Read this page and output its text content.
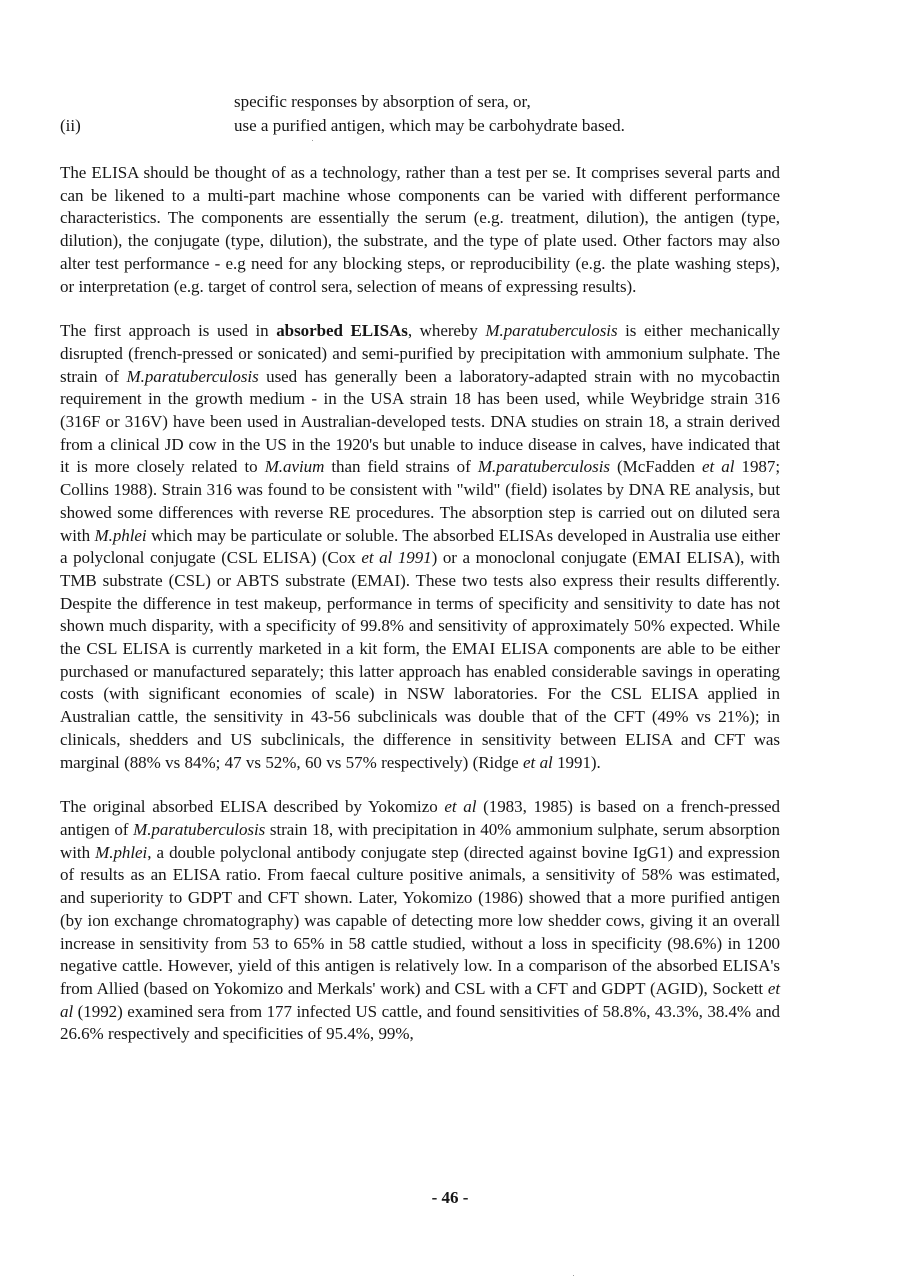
specific responses by absorption of sera, or,
(ii)	use a purified antigen, which may be carbohydrate based.

The ELISA should be thought of as a technology, rather than a test per se. It comprises several parts and can be likened to a multi-part machine whose components can be varied with different performance characteristics. The components are essentially the serum (e.g. treatment, dilution), the antigen (type, dilution), the conjugate (type, dilution), the substrate, and the type of plate used. Other factors may also alter test performance - e.g need for any blocking steps, or reproducibility (e.g. the plate washing steps), or interpretation (e.g. target of control sera, selection of means of expressing results).

The first approach is used in absorbed ELISAs, whereby M.paratuberculosis is either mechanically disrupted (french-pressed or sonicated) and semi-purified by precipitation with ammonium sulphate. The strain of M.paratuberculosis used has generally been a laboratory-adapted strain with no mycobactin requirement in the growth medium - in the USA strain 18 has been used, while Weybridge strain 316 (316F or 316V) have been used in Australian-developed tests. DNA studies on strain 18, a strain derived from a clinical JD cow in the US in the 1920's but unable to induce disease in calves, have indicated that it is more closely related to M.avium than field strains of M.paratuberculosis (McFadden et al 1987; Collins 1988). Strain 316 was found to be consistent with "wild" (field) isolates by DNA RE analysis, but showed some differences with reverse RE procedures. The absorption step is carried out on diluted sera with M.phlei which may be particulate or soluble. The absorbed ELISAs developed in Australia use either a polyclonal conjugate (CSL ELISA) (Cox et al 1991) or a monoclonal conjugate (EMAI ELISA), with TMB substrate (CSL) or ABTS substrate (EMAI). These two tests also express their results differently. Despite the difference in test makeup, performance in terms of specificity and sensitivity to date has not shown much disparity, with a specificity of 99.8% and sensitivity of approximately 50% expected. While the CSL ELISA is currently marketed in a kit form, the EMAI ELISA components are able to be either purchased or manufactured separately; this latter approach has enabled considerable savings in operating costs (with significant economies of scale) in NSW laboratories. For the CSL ELISA applied in Australian cattle, the sensitivity in 43-56 subclinicals was double that of the CFT (49% vs 21%); in clinicals, shedders and US subclinicals, the difference in sensitivity between ELISA and CFT was marginal (88% vs 84%; 47 vs 52%, 60 vs 57% respectively) (Ridge et al 1991).

The original absorbed ELISA described by Yokomizo et al (1983, 1985) is based on a french-pressed antigen of M.paratuberculosis strain 18, with precipitation in 40% ammonium sulphate, serum absorption with M.phlei, a double polyclonal antibody conjugate step (directed against bovine IgG1) and expression of results as an ELISA ratio. From faecal culture positive animals, a sensitivity of 58% was estimated, and superiority to GDPT and CFT shown. Later, Yokomizo (1986) showed that a more purified antigen (by ion exchange chromatography) was capable of detecting more low shedder cows, giving it an overall increase in sensitivity from 53 to 65% in 58 cattle studied, without a loss in specificity (98.6%) in 1200 negative cattle. However, yield of this antigen is relatively low. In a comparison of the absorbed ELISA's from Allied (based on Yokomizo and Merkals' work) and CSL with a CFT and GDPT (AGID), Sockett et al (1992) examined sera from 177 infected US cattle, and found sensitivities of 58.8%, 43.3%, 38.4% and 26.6% respectively and specificities of 95.4%, 99%,

- 46 -
